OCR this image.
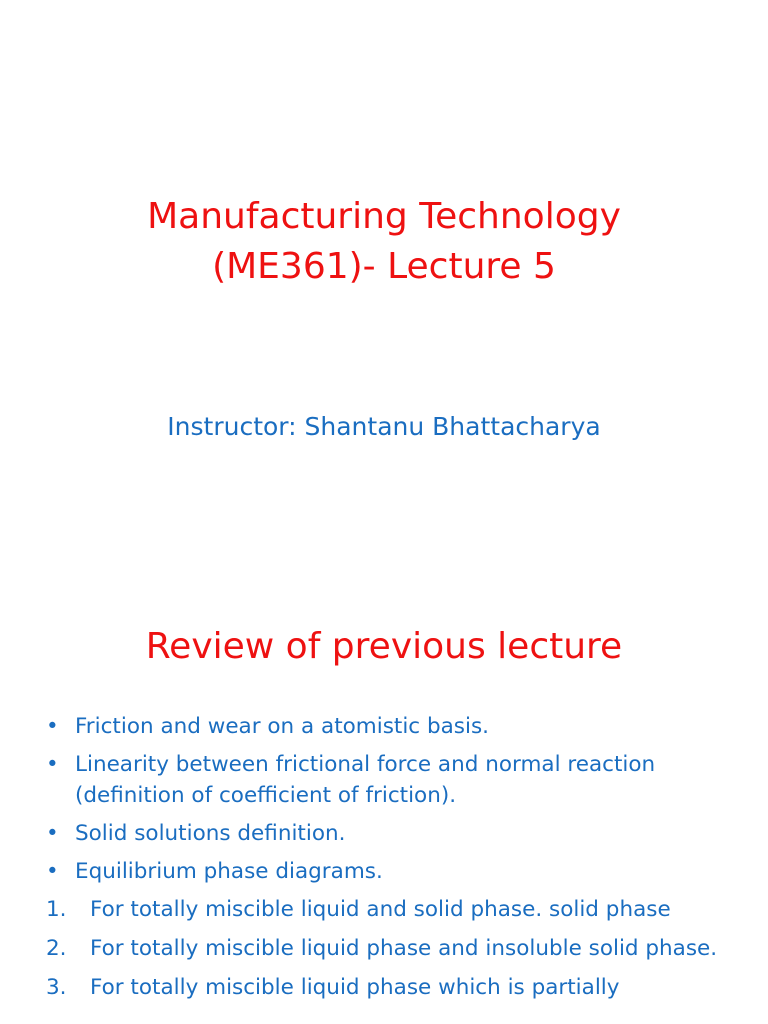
Manufacturing Technology
(ME361)- Lecture 5

Instructor: Shantanu Bhattacharya

Review of previous lecture
• Friction and wear on a atomistic basis.
• Linearity between frictional force and normal reaction (definition of coefficient of friction).
• Solid solutions definition.
• Equilibrium phase diagrams.
1. For totally miscible liquid and solid phase. solid phase
2. For totally miscible liquid phase and insoluble solid phase.
3. For totally miscible liquid phase which is partially
